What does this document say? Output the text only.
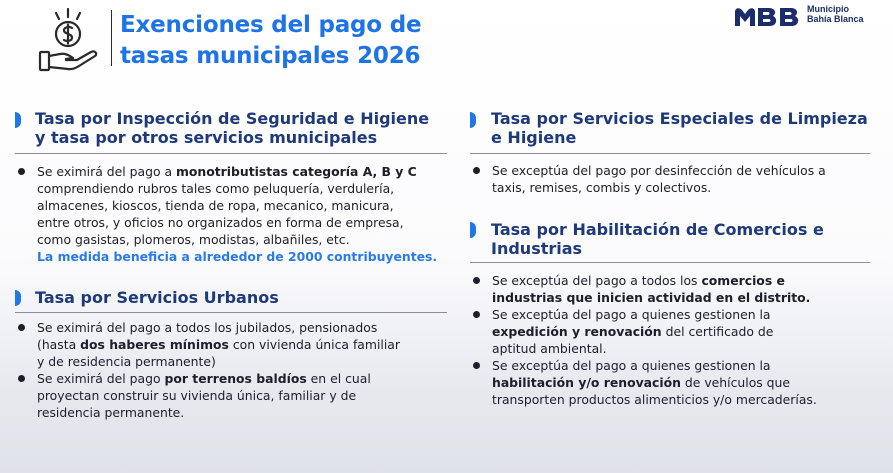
Exenciones del pago de
tasas municipales 2026
Municipio
Bahía Blanca
Tasa por Inspección de Seguridad e Higiene
y tasa por otros servicios municipales
Se eximirá del pago a monotributistas categoría A, B y C
comprendiendo rubros tales como peluquería, verdulería,
almacenes, kioscos, tienda de ropa, mecanico, manicura,
entre otros, y oficios no organizados en forma de empresa,
como gasistas, plomeros, modistas, albañiles, etc.
La medida beneficia a alrededor de 2000 contribuyentes.
Tasa por Servicios Urbanos
Se eximirá del pago a todos los jubilados, pensionados
(hasta dos haberes mínimos con vivienda única familiar
y de residencia permanente)
Se eximirá del pago por terrenos baldíos en el cual
proyectan construir su vivienda única, familiar y de
residencia permanente.
Tasa por Servicios Especiales de Limpieza
e Higiene
Se exceptúa del pago por desinfección de vehículos a
taxis, remises, combis y colectivos.
Tasa por Habilitación de Comercios e
Industrias
Se exceptúa del pago a todos los comercios e
industrias que inicien actividad en el distrito.
Se exceptúa del pago a quienes gestionen la
expedición y renovación del certificado de
aptitud ambiental.
Se exceptúa del pago a quienes gestionen la
habilitación y/o renovación de vehículos que
transporten productos alimenticios y/o mercaderías.
